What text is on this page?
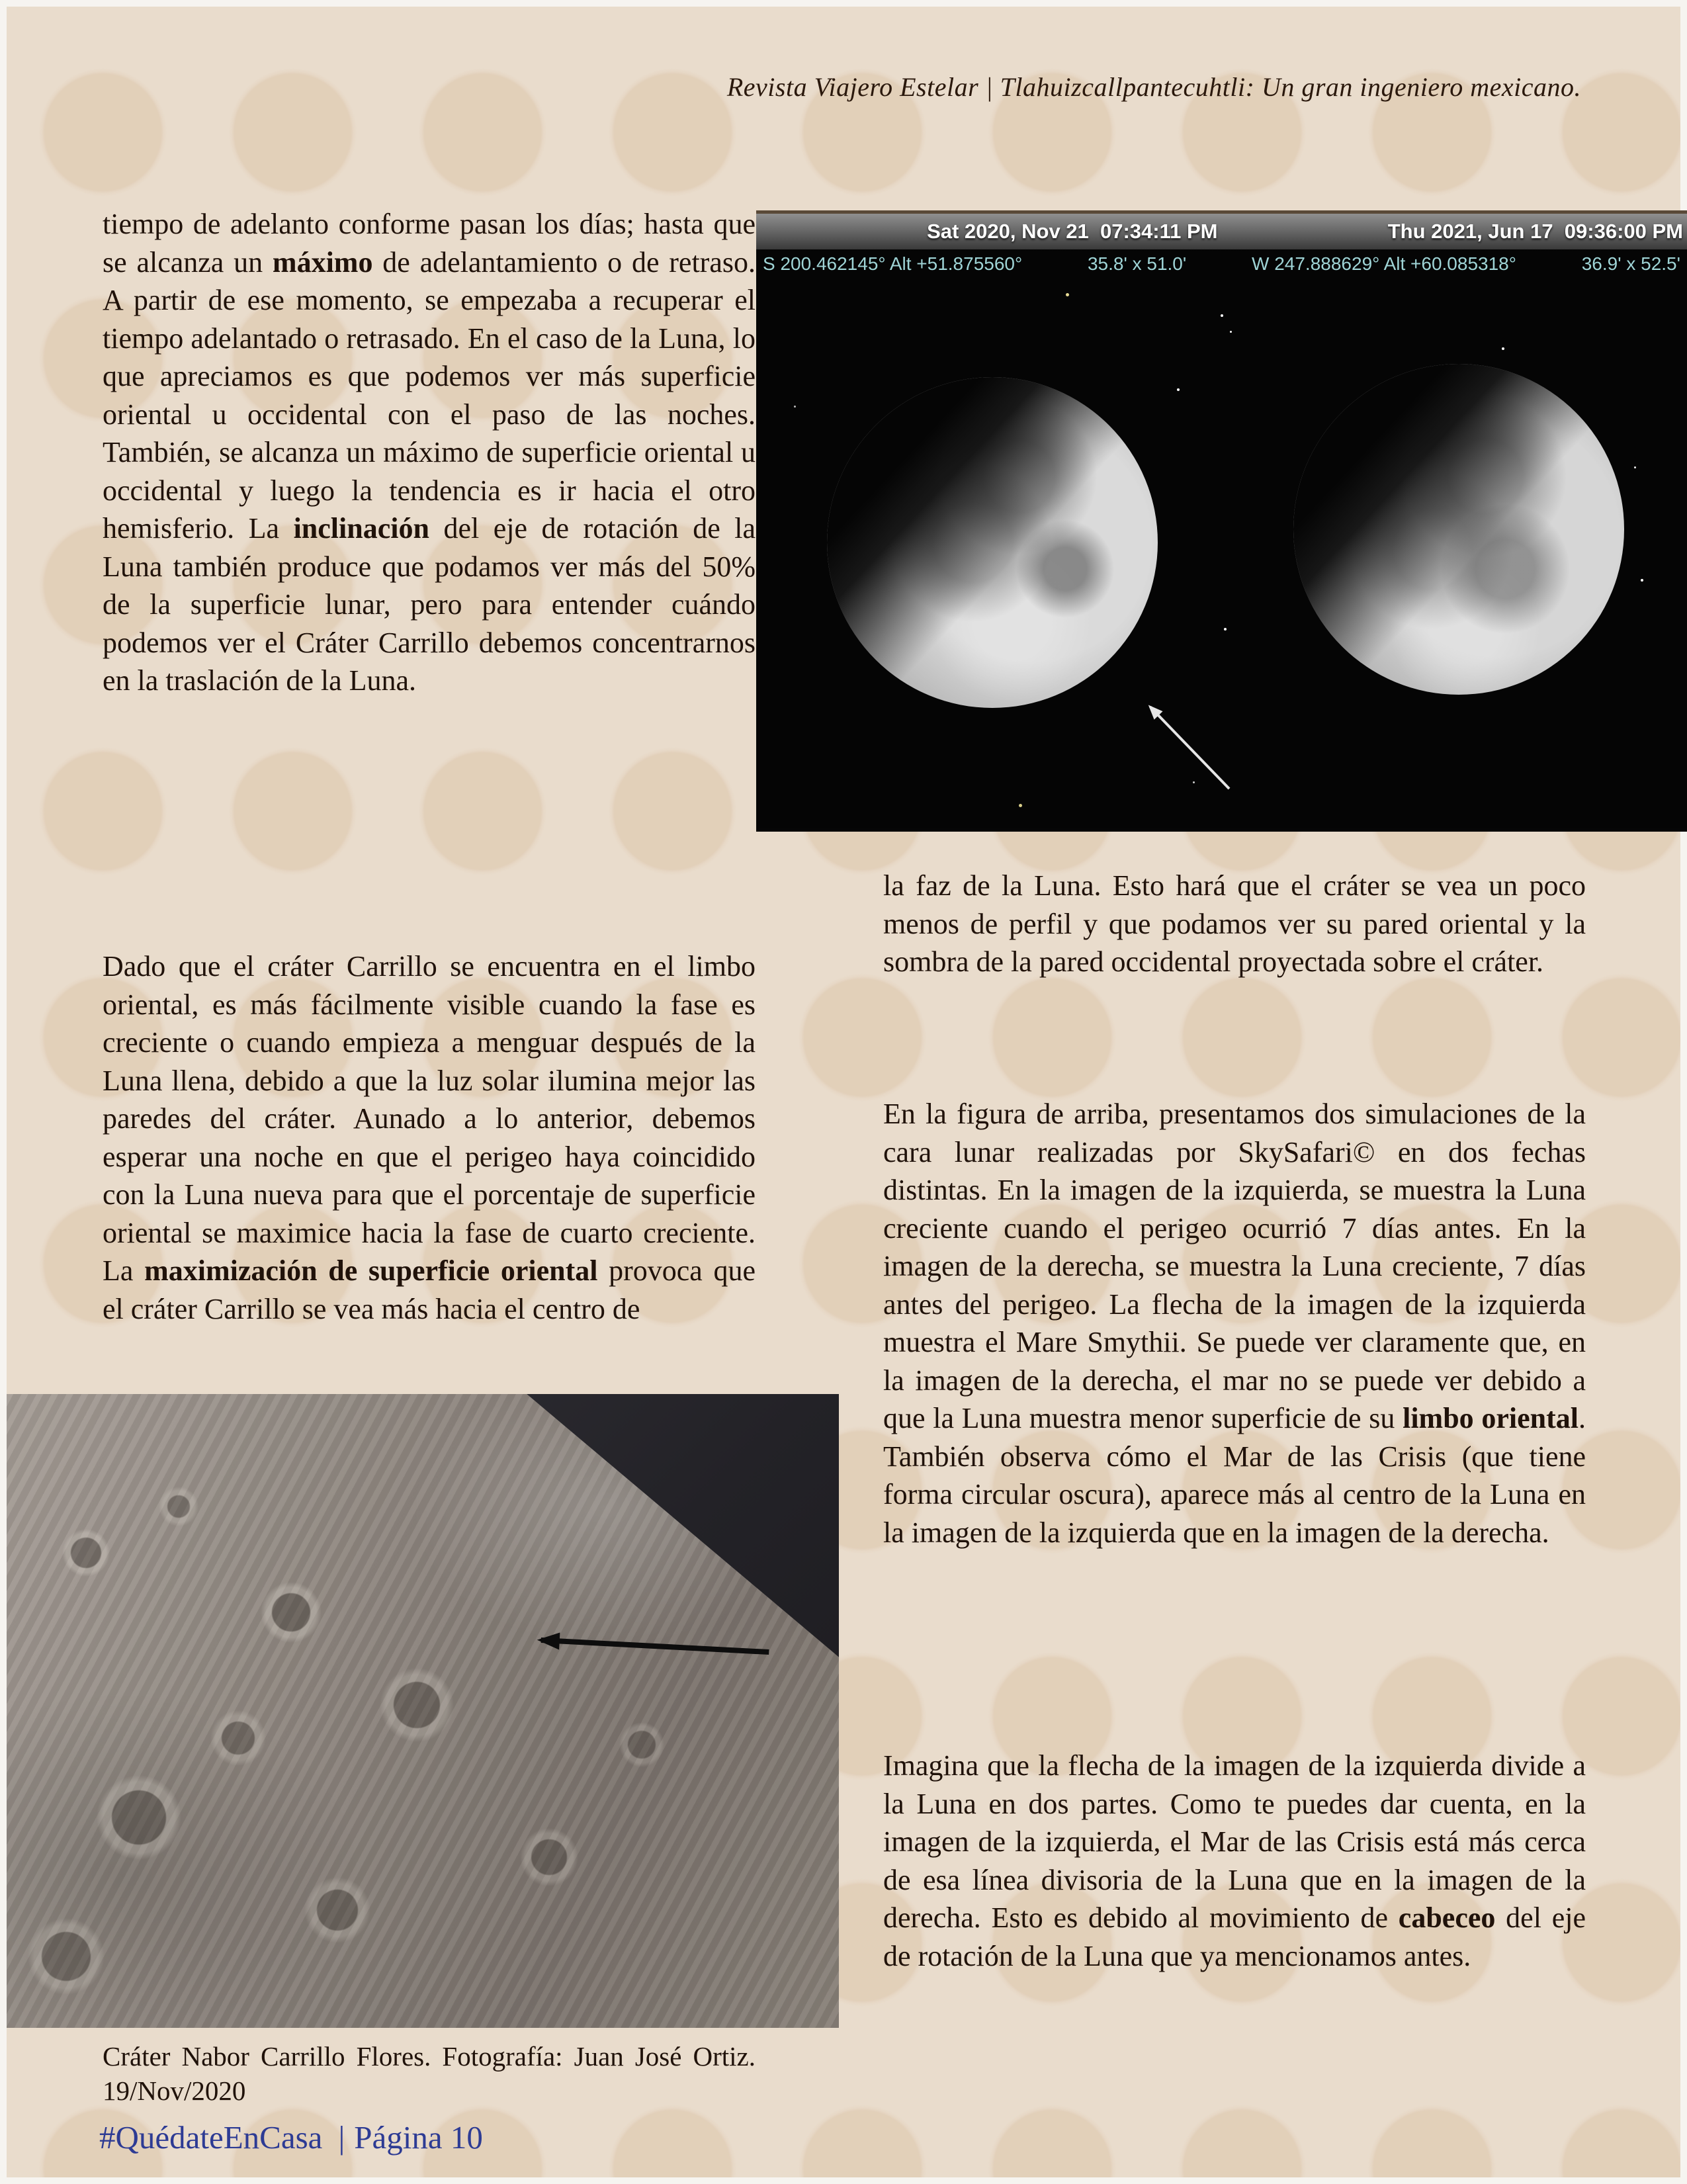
Revista Viajero Estelar | Tlahuizcallpantecuhtli: Un gran ingeniero mexicano.
tiempo de adelanto conforme pasan los días; hasta que se alcanza un máximo de adelantamiento o de retraso. A partir de ese momento, se empezaba a recuperar el tiempo adelantado o retrasado. En el caso de la Luna, lo que apreciamos es que podemos ver más superficie oriental u occidental con el paso de las noches. También, se alcanza un máximo de superficie oriental u occidental y luego la tendencia es ir hacia el otro hemisferio. La inclinación del eje de rotación de la Luna también produce que podamos ver más del 50% de la superficie lunar, pero para entender cuándo podemos ver el Cráter Carrillo debemos concentrarnos en la traslación de la Luna.
Dado que el cráter Carrillo se encuentra en el limbo oriental, es más fácilmente visible cuando la fase es creciente o cuando empieza a menguar después de la Luna llena, debido a que la luz solar ilumina mejor las paredes del cráter. Aunado a lo anterior, debemos esperar una noche en que el perigeo haya coincidido con la Luna nueva para que el porcentaje de superficie oriental se maximice hacia la fase de cuarto creciente. La maximización de superficie oriental provoca que el cráter Carrillo se vea más hacia el centro de
Sat 2020, Nov 21  07:34:11 PM	Thu 2021, Jun 17  09:36:00 PM
S 200.462145° Alt +51.875560°	35.8' x 51.0'	W 247.888629° Alt +60.085318°	36.9' x 52.5'
la faz de la Luna. Esto hará que el cráter se vea un poco menos de perfil y que podamos ver su pared oriental y la sombra de la pared occidental proyectada sobre el cráter.
En la figura de arriba, presentamos dos simulaciones de la cara lunar realizadas por SkySafari© en dos fechas distintas. En la imagen de la izquierda, se muestra la Luna creciente cuando el perigeo ocurrió 7 días antes. En la imagen de la derecha, se muestra la Luna creciente, 7 días antes del perigeo. La flecha de la imagen de la izquierda muestra el Mare Smythii. Se puede ver claramente que, en la imagen de la derecha, el mar no se puede ver debido a que la Luna muestra menor superficie de su limbo oriental. También observa cómo el Mar de las Crisis (que tiene forma circular oscura), aparece más al centro de la Luna en la imagen de la izquierda que en la imagen de la derecha.
Imagina que la flecha de la imagen de la izquierda divide a la Luna en dos partes. Como te puedes dar cuenta, en la imagen de la izquierda, el Mar de las Crisis está más cerca de esa línea divisoria de la Luna que en la imagen de la derecha. Esto es debido al movimiento de cabeceo del eje de rotación de la Luna que ya mencionamos antes.
Cráter Nabor Carrillo Flores. Fotografía: Juan José Ortiz.
19/Nov/2020
#QuédateEnCasa | Página 10
